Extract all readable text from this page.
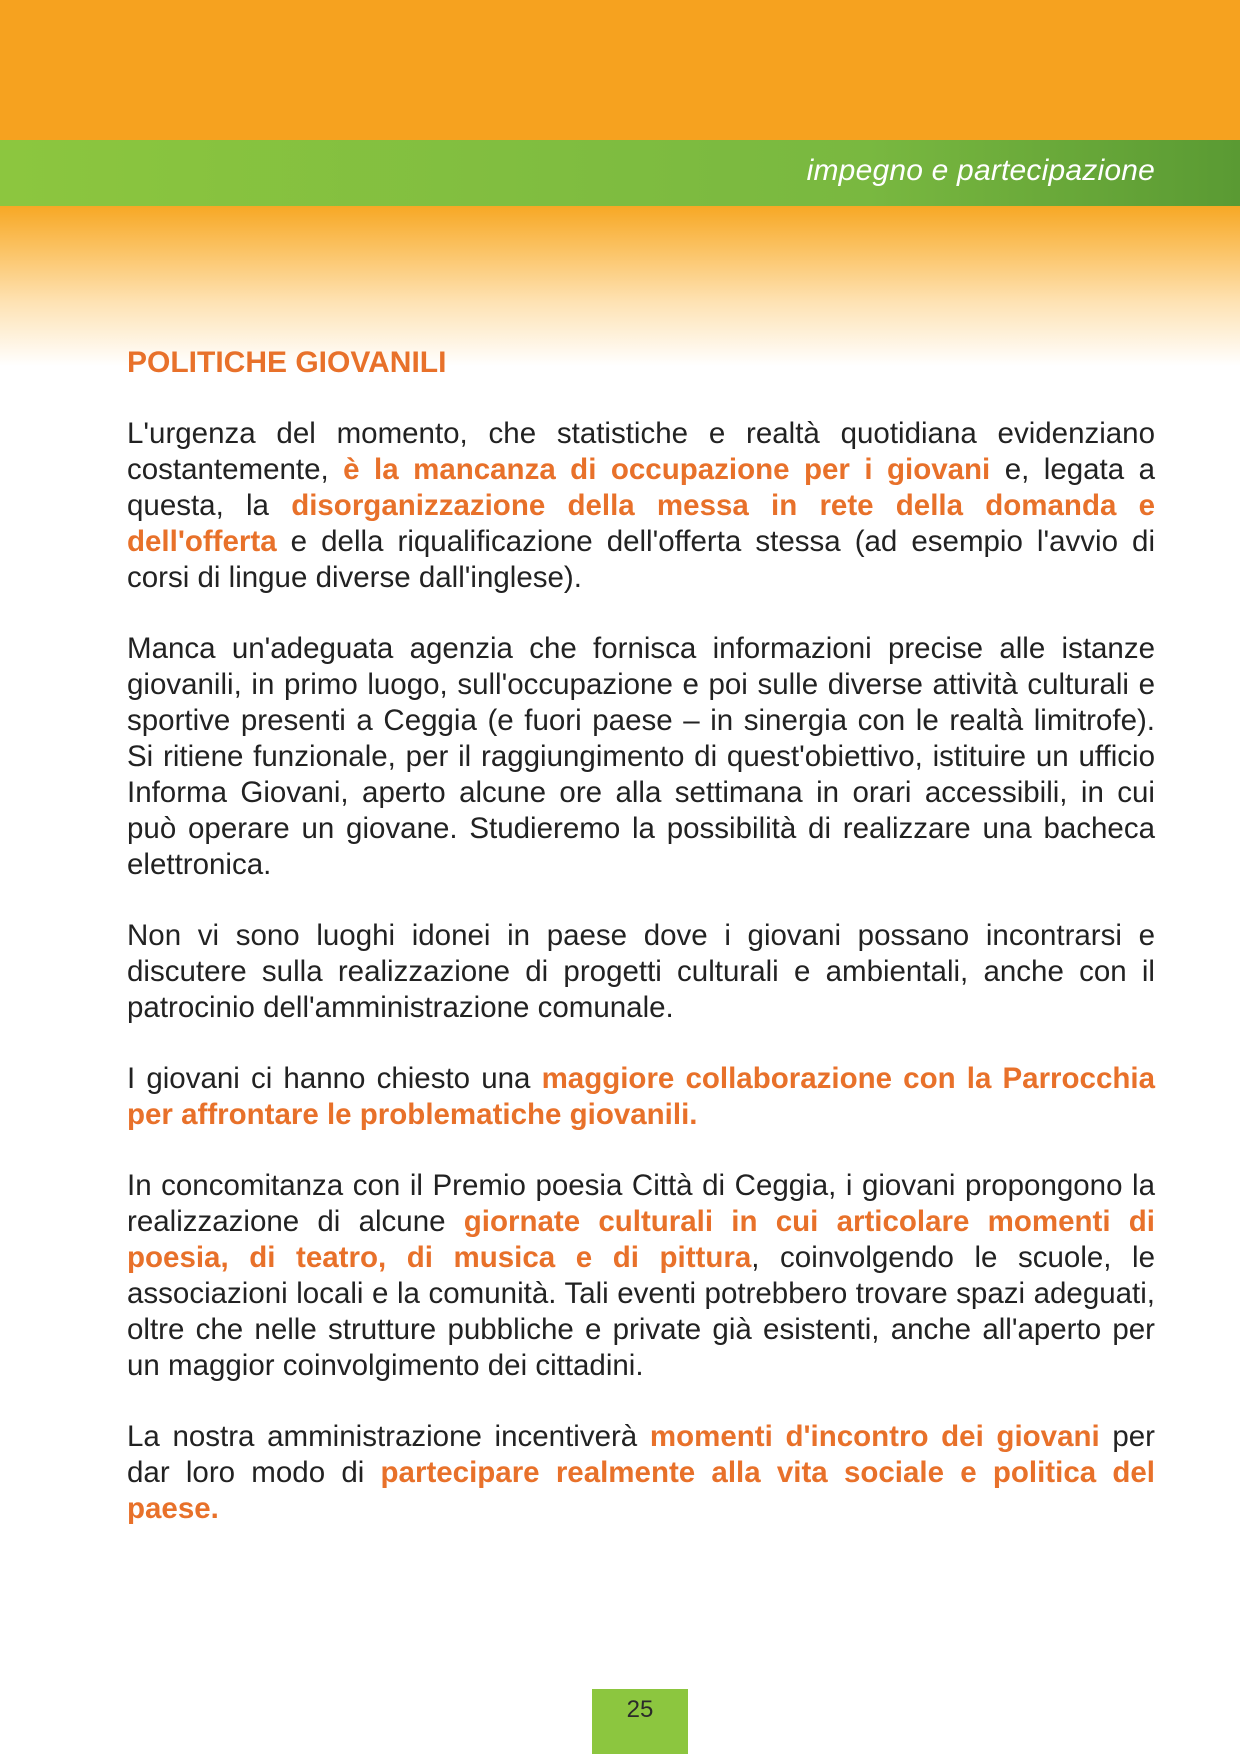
impegno e partecipazione

POLITICHE GIOVANILI

L'urgenza del momento, che statistiche e realtà quotidiana evidenziano costantemente, è la mancanza di occupazione per i giovani e, legata a questa, la disorganizzazione della messa in rete della domanda e dell'offerta e della riqualificazione dell'offerta stessa (ad esempio l'avvio di corsi di lingue diverse dall'inglese).

Manca un'adeguata agenzia che fornisca informazioni precise alle istanze giovanili, in primo luogo, sull'occupazione e poi sulle diverse attività culturali e sportive presenti a Ceggia (e fuori paese – in sinergia con le realtà limitrofe). Si ritiene funzionale, per il raggiungimento di quest'obiettivo, istituire un ufficio Informa Giovani, aperto alcune ore alla settimana in orari accessibili, in cui può operare un giovane. Studieremo la possibilità di realizzare una bacheca elettronica.

Non vi sono luoghi idonei in paese dove i giovani possano incontrarsi e discutere sulla realizzazione di progetti culturali e ambientali, anche con il patrocinio dell'amministrazione comunale.

I giovani ci hanno chiesto una maggiore collaborazione con la Parrocchia per affrontare le problematiche giovanili.

In concomitanza con il Premio poesia Città di Ceggia, i giovani propongono la realizzazione di alcune giornate culturali in cui articolare momenti di poesia, di teatro, di musica e di pittura, coinvolgendo le scuole, le associazioni locali e la comunità. Tali eventi potrebbero trovare spazi adeguati, oltre che nelle strutture pubbliche e private già esistenti, anche all'aperto per un maggior coinvolgimento dei cittadini.

La nostra amministrazione incentiverà momenti d'incontro dei giovani per dar loro modo di partecipare realmente alla vita sociale e politica del paese.

25
